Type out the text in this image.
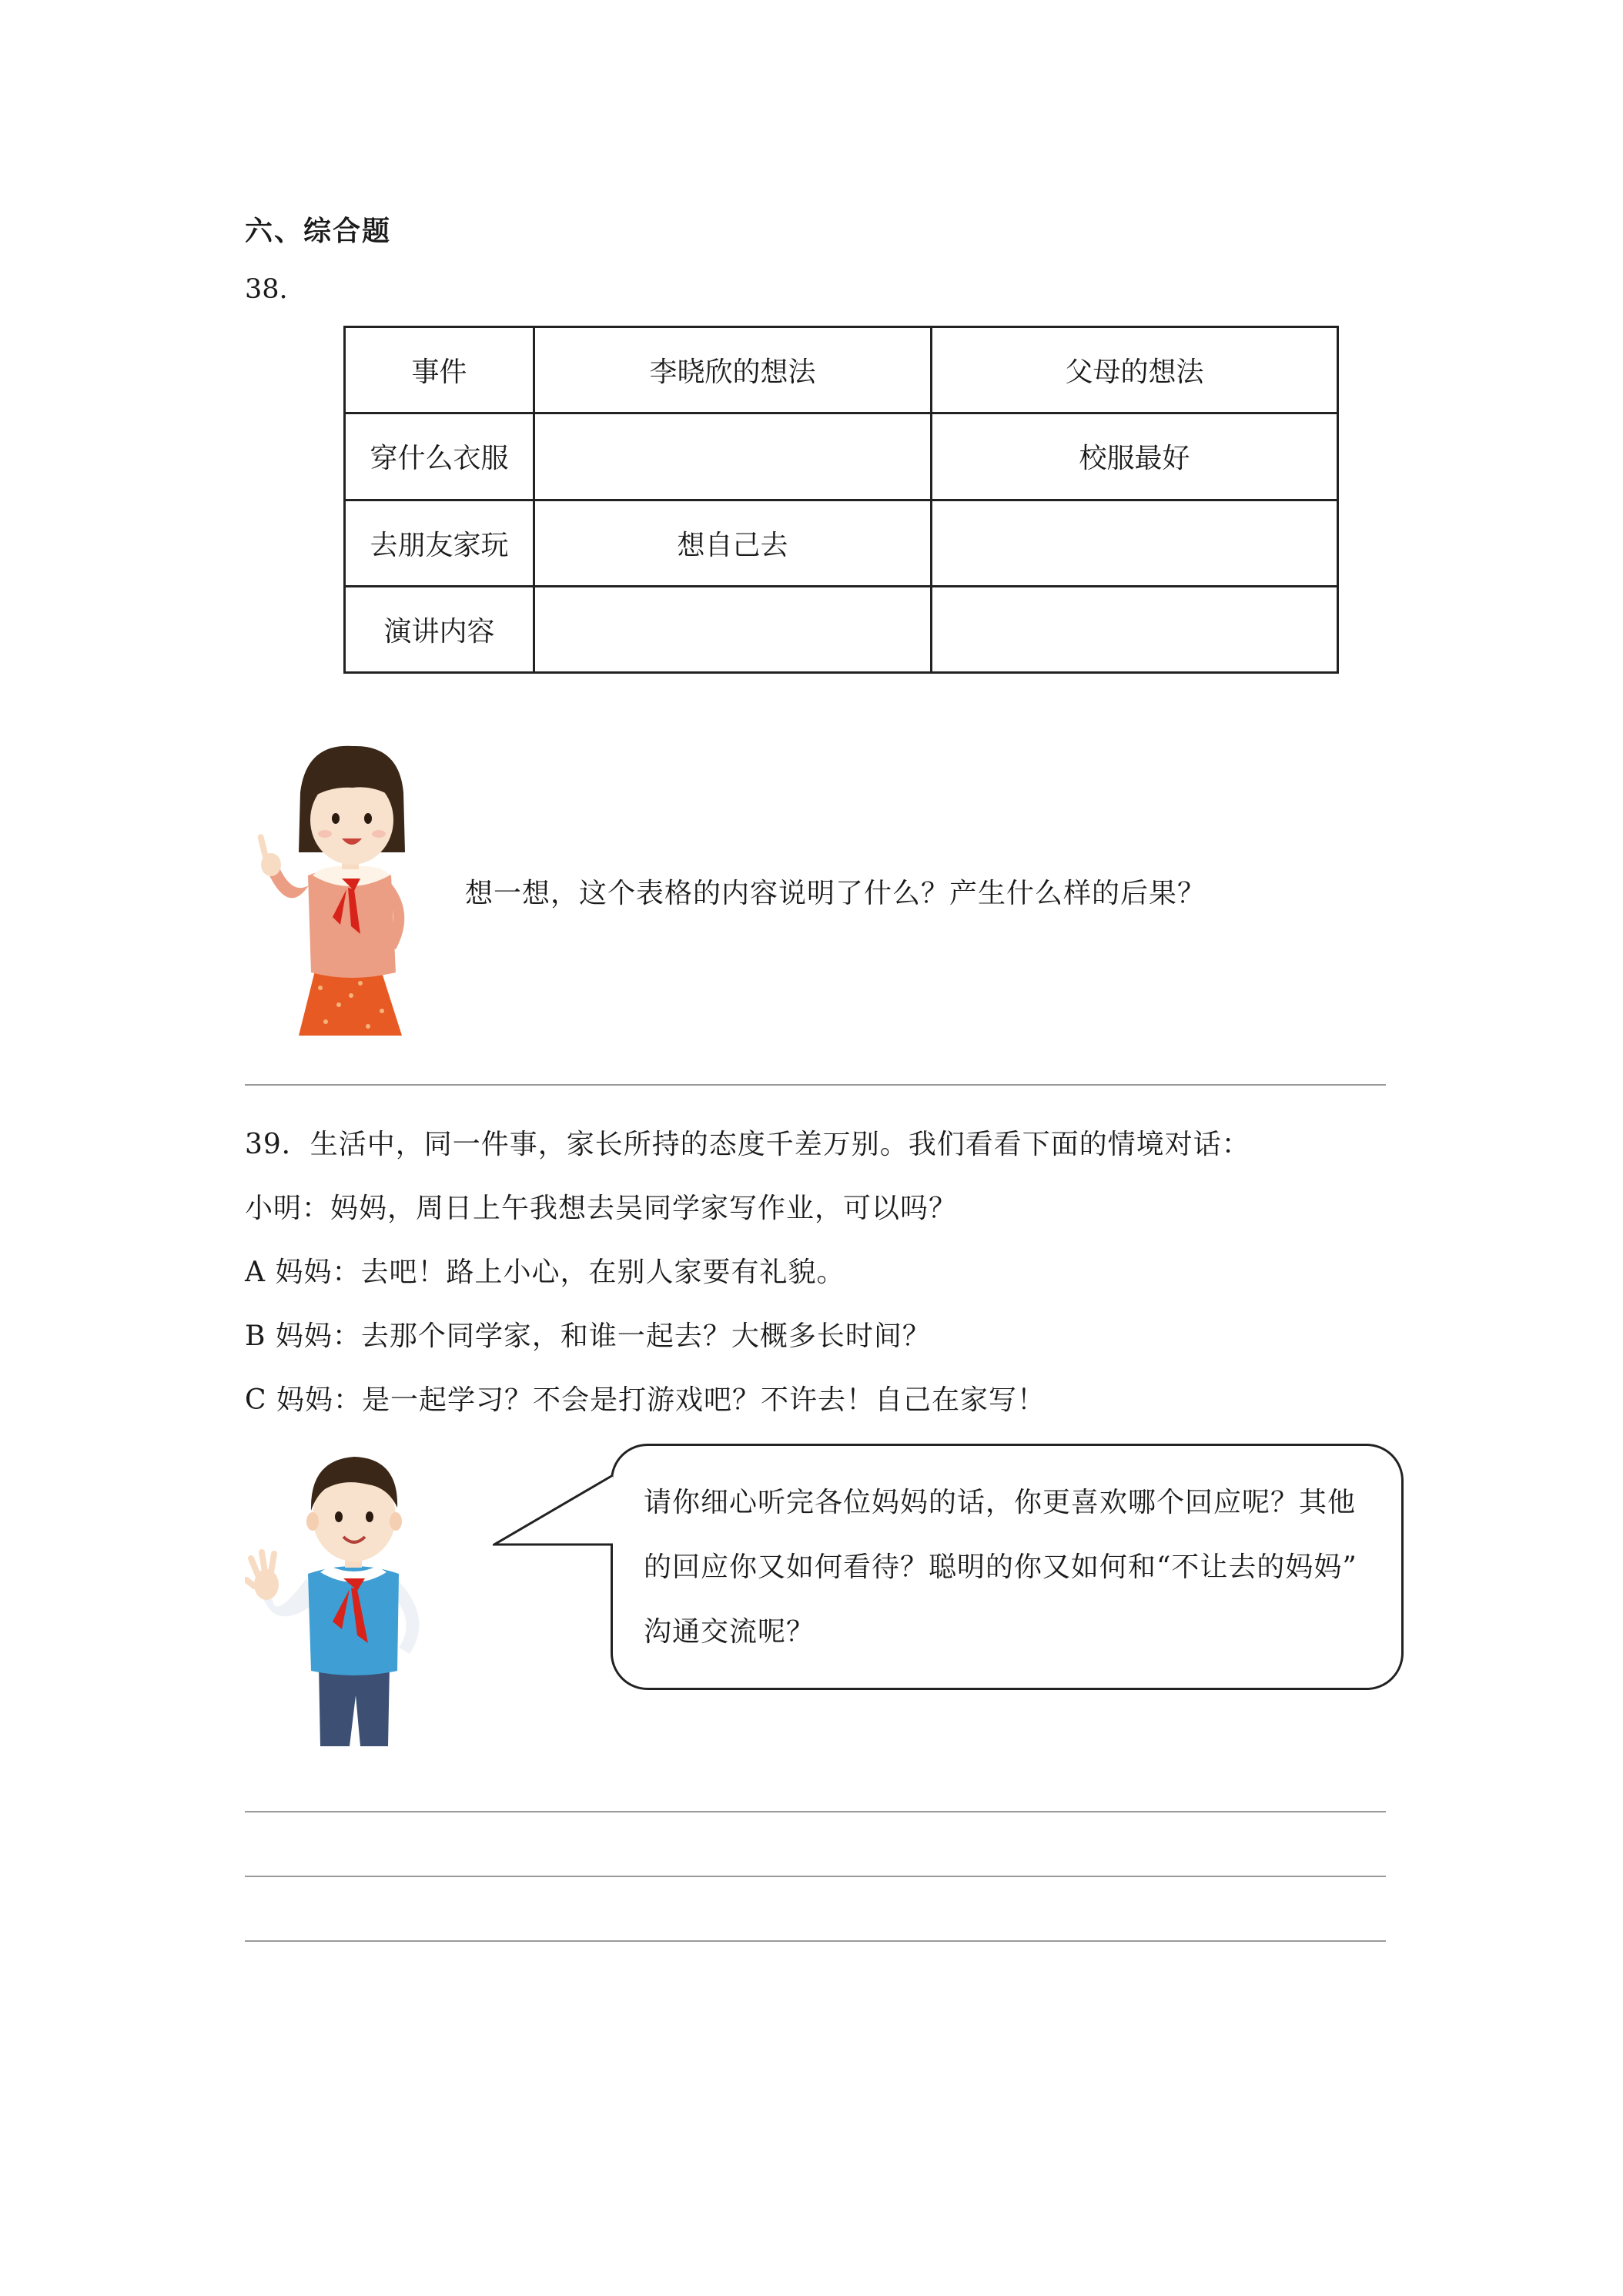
六、综合题
38.
事件	李晓欣的想法	父母的想法
穿什么衣服		校服最好
去朋友家玩	想自己去	
演讲内容		
想一想，这个表格的内容说明了什么？产生什么样的后果？
39．生活中，同一件事，家长所持的态度千差万别。我们看看下面的情境对话：
小明：妈妈，周日上午我想去吴同学家写作业，可以吗？
A 妈妈：去吧！路上小心，在别人家要有礼貌。
B 妈妈：去那个同学家，和谁一起去？大概多长时间？
C 妈妈：是一起学习？不会是打游戏吧？不许去！自己在家写！
请你细心听完各位妈妈的话，你更喜欢哪个回应呢？其他
的回应你又如何看待？聪明的你又如何和“不让去的妈妈”
沟通交流呢？
